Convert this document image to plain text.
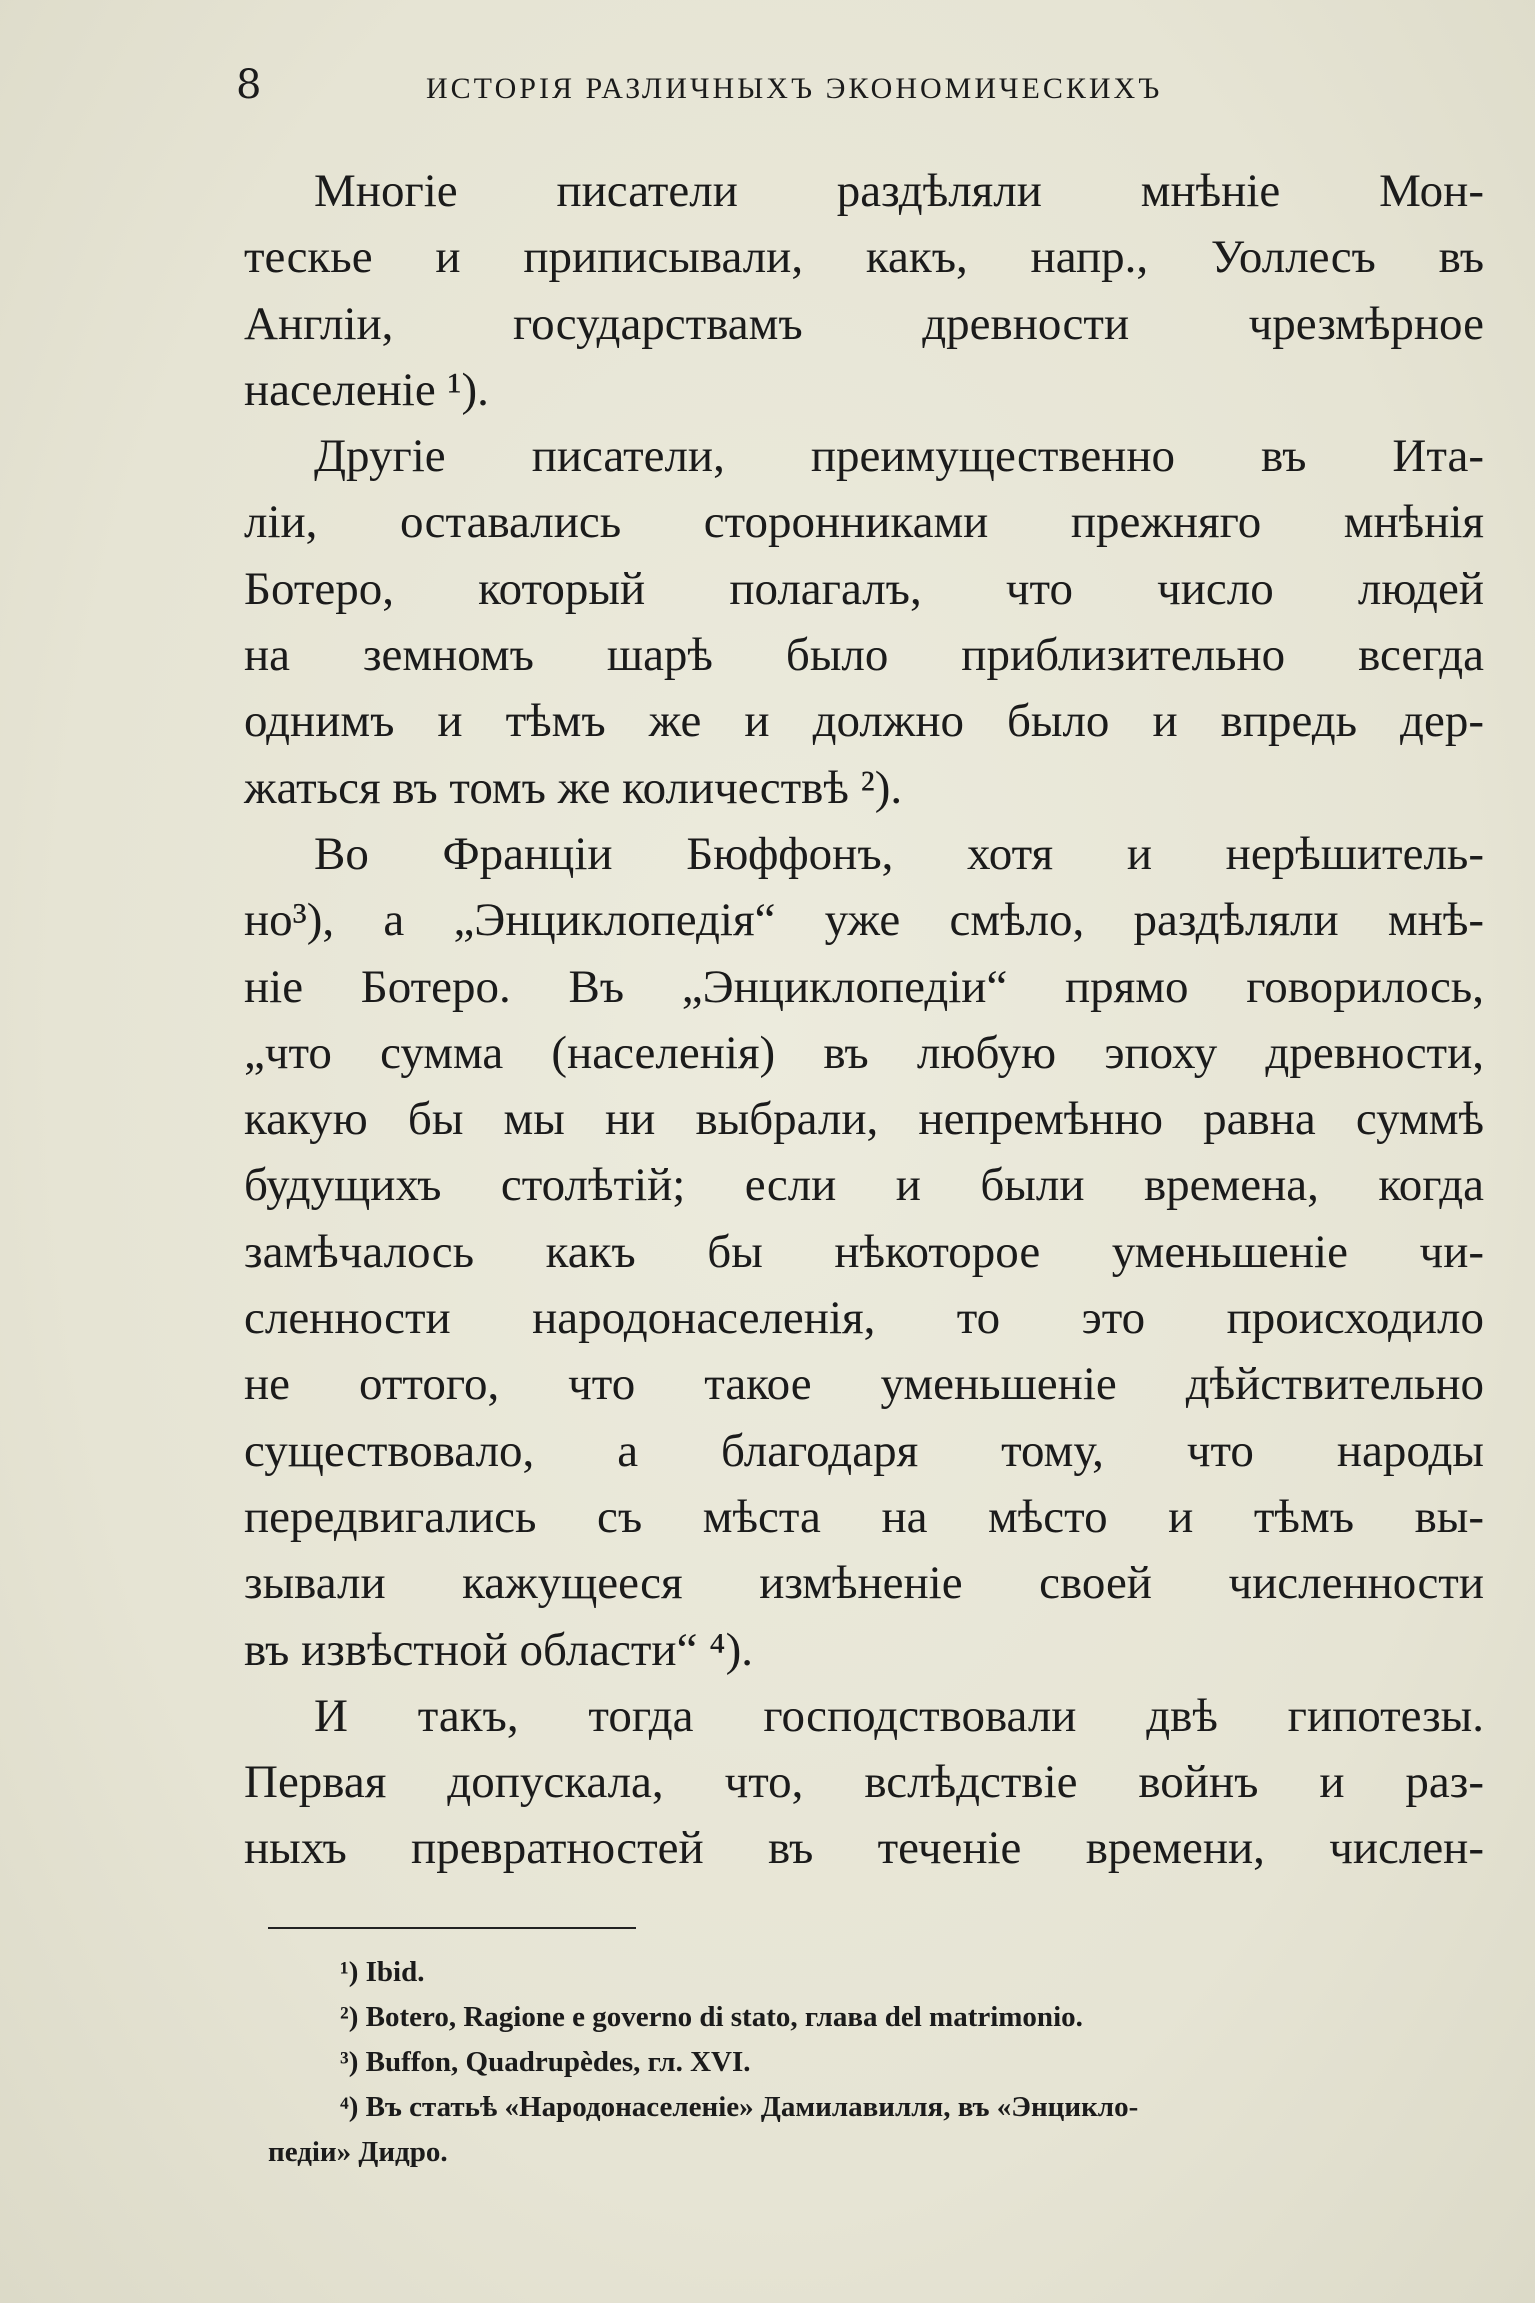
8	ИСТОРІЯ РАЗЛИЧНЫХЪ ЭКОНОМИЧЕСКИХЪ
Многіе писатели раздѣляли мнѣніе Мон-
тескье и приписывали, какъ, напр., Уоллесъ въ
Англіи, государствамъ древности чрезмѣрное
населеніе ¹).
Другіе писатели, преимущественно въ Ита-
ліи, оставались сторонниками прежняго мнѣнія
Ботеро, который полагалъ, что число людей
на земномъ шарѣ было приблизительно всегда
однимъ и тѣмъ же и должно было и впредь дер-
жаться въ томъ же количествѣ ²).
Во Франціи Бюффонъ, хотя и нерѣшитель-
но³), а „Энциклопедія“ уже смѣло, раздѣляли мнѣ-
ніе Ботеро. Въ „Энциклопедіи“ прямо говорилось,
„что сумма (населенія) въ любую эпоху древности,
какую бы мы ни выбрали, непремѣнно равна суммѣ
будущихъ столѣтій; если и были времена, когда
замѣчалось какъ бы нѣкоторое уменьшеніе чи-
сленности народонаселенія, то это происходило
не оттого, что такое уменьшеніе дѣйствительно
существовало, а благодаря тому, что народы
передвигались съ мѣста на мѣсто и тѣмъ вы-
зывали кажущееся измѣненіе своей численности
въ извѣстной области“ ⁴).
И такъ, тогда господствовали двѣ гипотезы.
Первая допускала, что, вслѣдствіе войнъ и раз-
ныхъ превратностей въ теченіе времени, числен-
¹) Ibid.
²) Botero, Ragione e governo di stato, глава del matrimonio.
³) Buffon, Quadrupèdes, гл. XVI.
⁴) Въ статьѣ «Народонаселеніе» Дамилавилля, въ «Энцикло-
педіи» Дидро.
